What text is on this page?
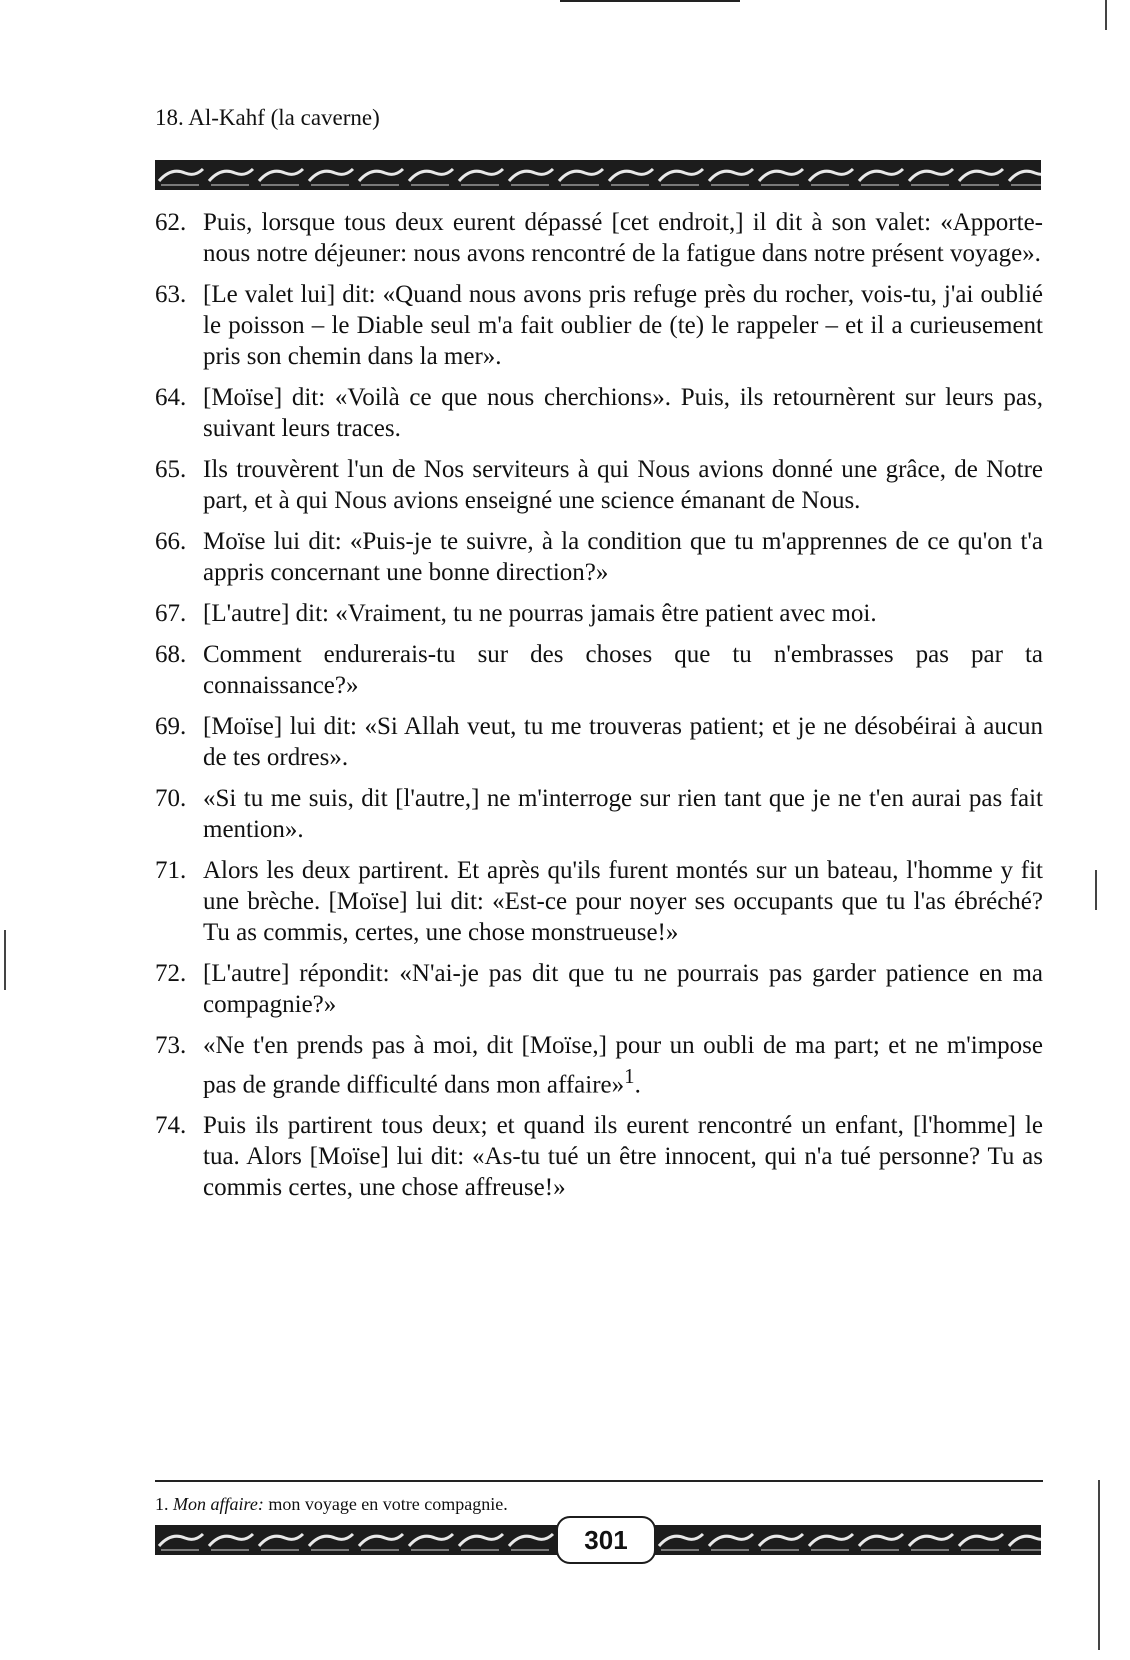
18. Al-Kahf (la caverne)
62. Puis, lorsque tous deux eurent dépassé [cet endroit,] il dit à son valet: «Apporte-nous notre déjeuner: nous avons rencontré de la fatigue dans notre présent voyage».
63. [Le valet lui] dit: «Quand nous avons pris refuge près du rocher, vois-tu, j'ai oublié le poisson – le Diable seul m'a fait oublier de (te) le rappeler – et il a curieusement pris son chemin dans la mer».
64. [Moïse] dit: «Voilà ce que nous cherchions». Puis, ils retournèrent sur leurs pas, suivant leurs traces.
65. Ils trouvèrent l'un de Nos serviteurs à qui Nous avions donné une grâce, de Notre part, et à qui Nous avions enseigné une science émanant de Nous.
66. Moïse lui dit: «Puis-je te suivre, à la condition que tu m'apprennes de ce qu'on t'a appris concernant une bonne direction?»
67. [L'autre] dit: «Vraiment, tu ne pourras jamais être patient avec moi.
68. Comment endurerais-tu sur des choses que tu n'embrasses pas par ta connaissance?»
69. [Moïse] lui dit: «Si Allah veut, tu me trouveras patient; et je ne désobéirai à aucun de tes ordres».
70. «Si tu me suis, dit [l'autre,] ne m'interroge sur rien tant que je ne t'en aurai pas fait mention».
71. Alors les deux partirent. Et après qu'ils furent montés sur un bateau, l'homme y fit une brèche. [Moïse] lui dit: «Est-ce pour noyer ses occupants que tu l'as ébréché? Tu as commis, certes, une chose monstrueuse!»
72. [L'autre] répondit: «N'ai-je pas dit que tu ne pourrais pas garder patience en ma compagnie?»
73. «Ne t'en prends pas à moi, dit [Moïse,] pour un oubli de ma part; et ne m'impose pas de grande difficulté dans mon affaire»$^1$.
74. Puis ils partirent tous deux; et quand ils eurent rencontré un enfant, [l'homme] le tua. Alors [Moïse] lui dit: «As-tu tué un être innocent, qui n'a tué personne? Tu as commis certes, une chose affreuse!»
1. Mon affaire: mon voyage en votre compagnie.
301
